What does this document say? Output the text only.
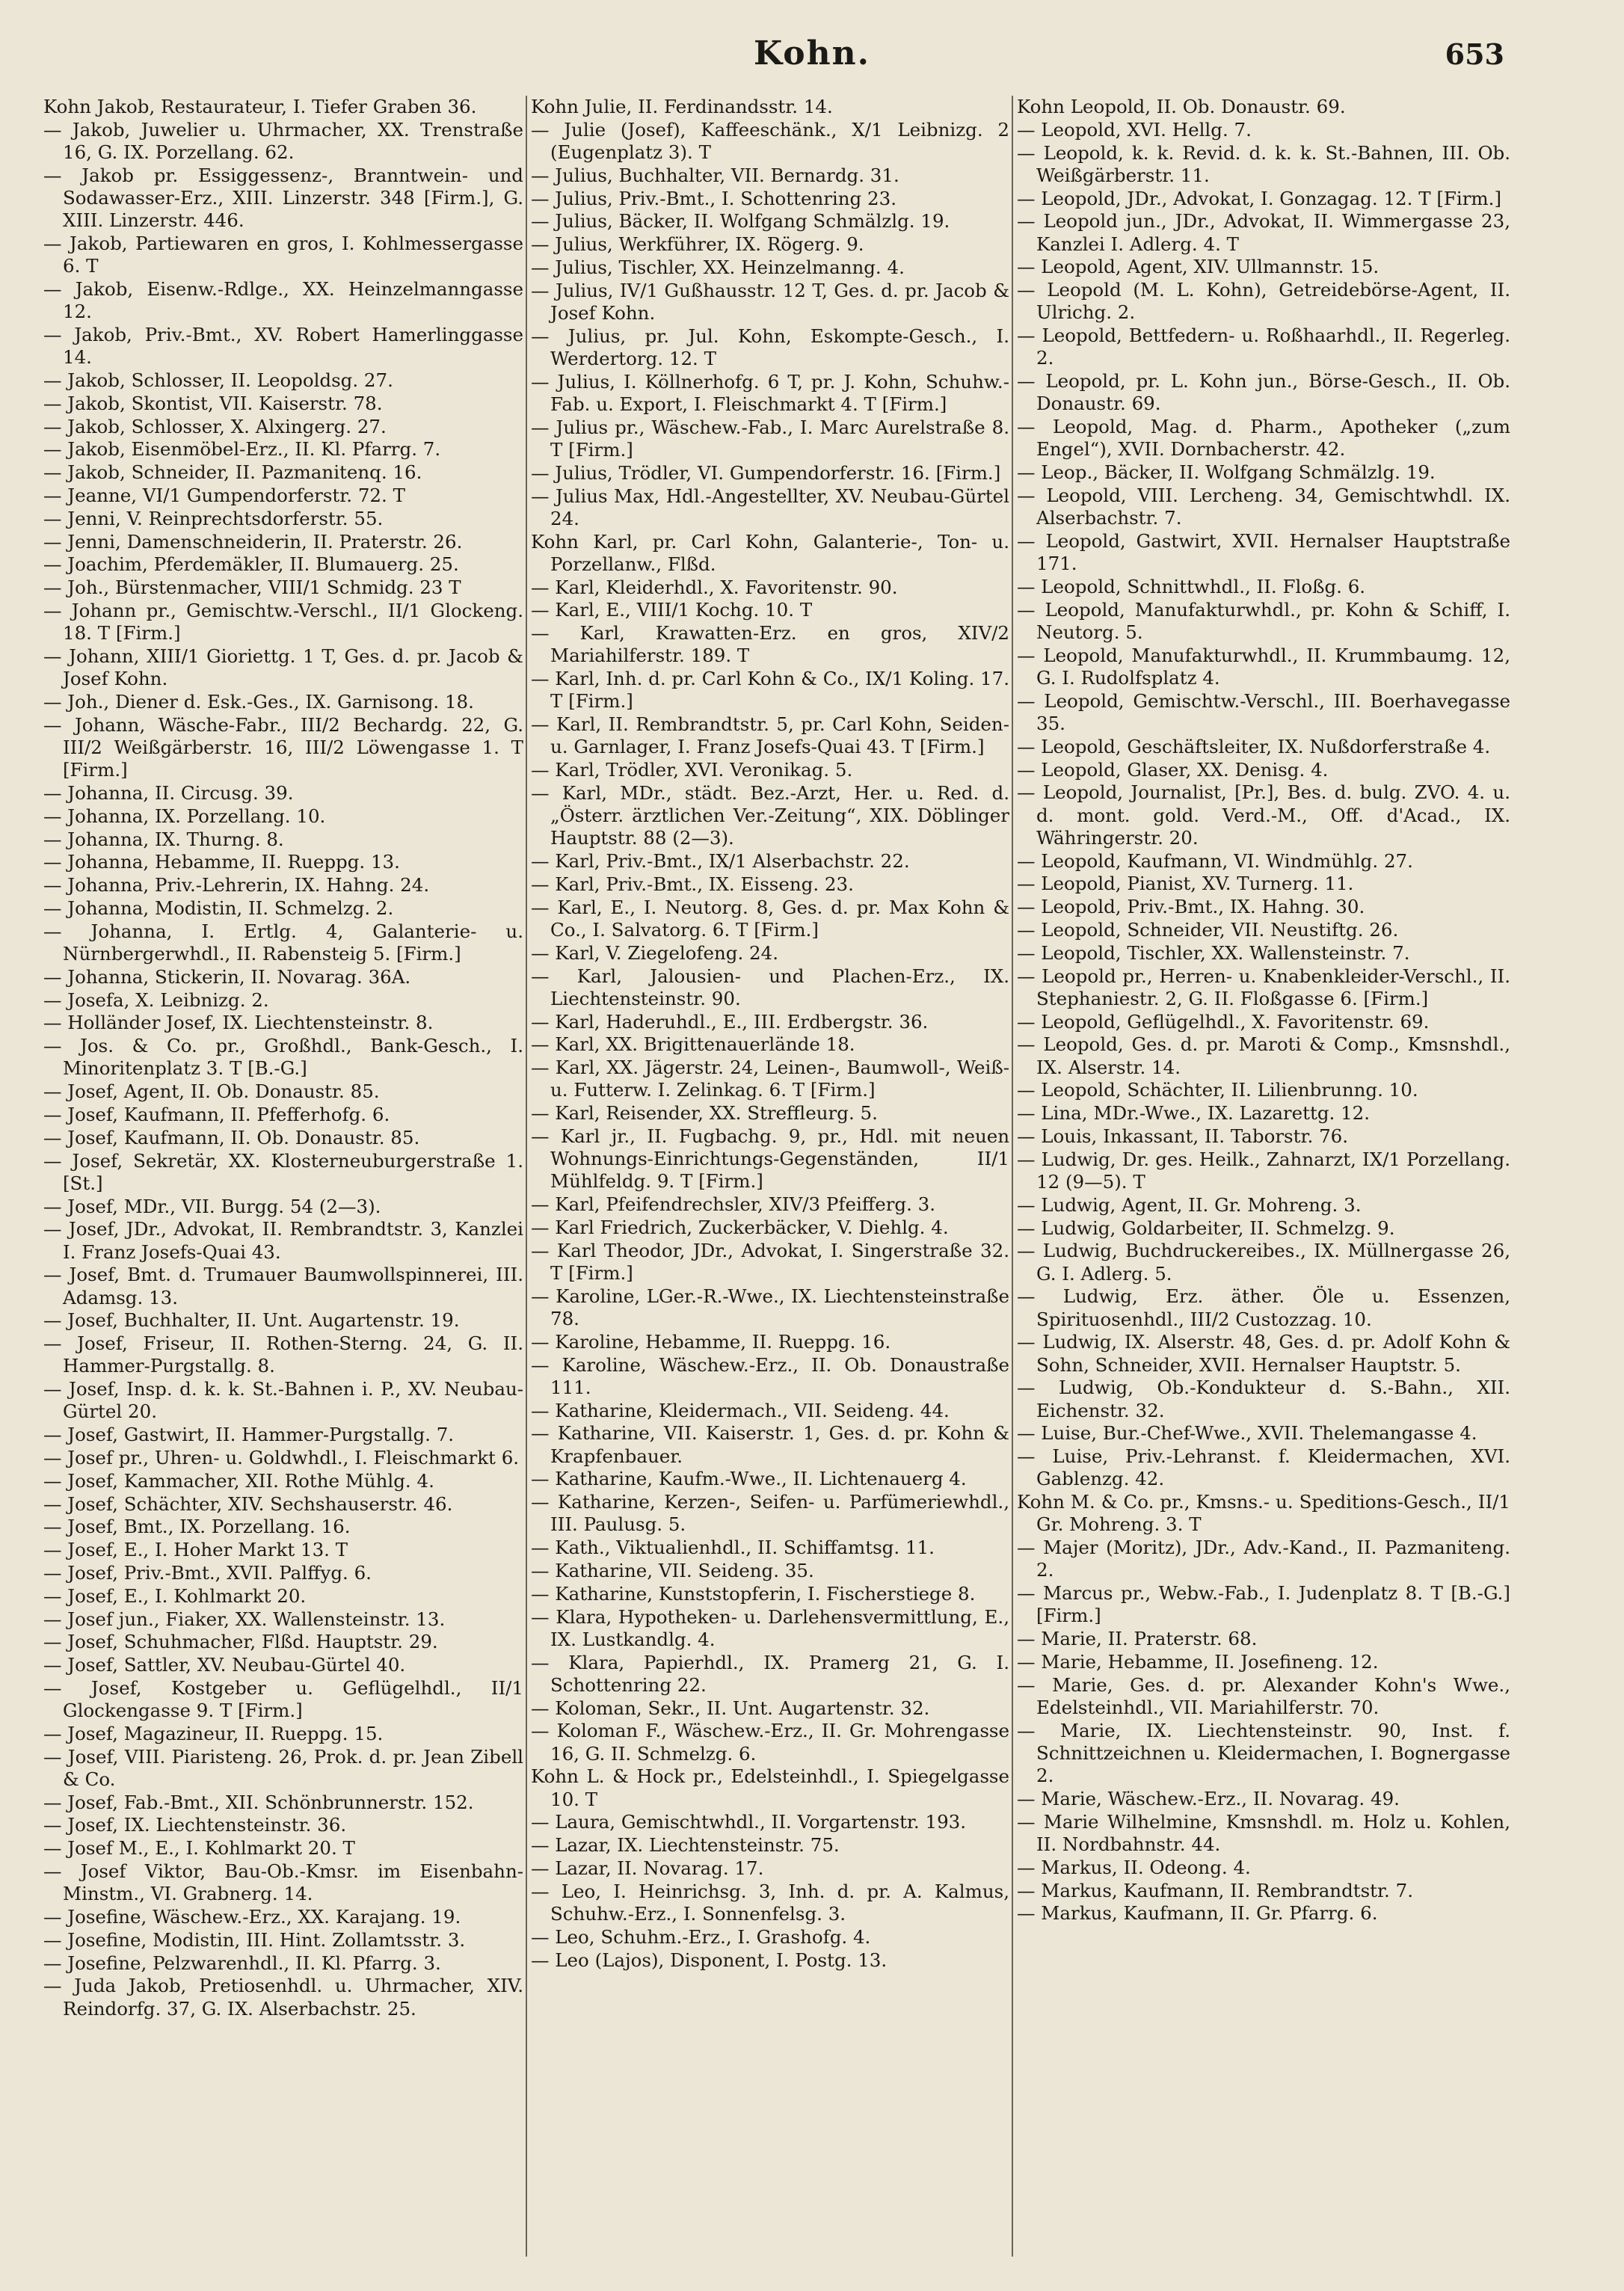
Kohn.	653

Kohn Jakob, Restaurateur, I. Tiefer Graben 36.

— Jakob, Juwelier u. Uhrmacher, XX. Trenstraße 16, G. IX. Porzellang. 62.

— Jakob pr. Essiggessenz-, Branntwein- und Sodawasser-Erz., XIII. Linzerstr. 348 [Firm.], G. XIII. Linzerstr. 446.

— Jakob, Partiewaren en gros, I. Kohlmessergasse 6. T

— Jakob, Eisenw.-Rdlge., XX. Heinzelmanngasse 12.

— Jakob, Priv.-Bmt., XV. Robert Hamerlinggasse 14.

— Jakob, Schlosser, II. Leopoldsg. 27.

— Jakob, Skontist, VII. Kaiserstr. 78.

— Jakob, Schlosser, X. Alxingerg. 27.

— Jakob, Eisenmöbel-Erz., II. Kl. Pfarrg. 7.

— Jakob, Schneider, II. Pazmanitenq. 16.

— Jeanne, VI/1 Gumpendorferstr. 72. T

— Jenni, V. Reinprechtsdorferstr. 55.

— Jenni, Damenschneiderin, II. Praterstr. 26.

— Joachim, Pferdemäkler, II. Blumauerg. 25.

— Joh., Bürstenmacher, VIII/1 Schmidg. 23 T

— Johann pr., Gemischtw.-Verschl., II/1 Glockeng. 18. T [Firm.]

— Johann, XIII/1 Gioriettg. 1 T, Ges. d. pr. Jacob & Josef Kohn.

— Joh., Diener d. Esk.-Ges., IX. Garnisong. 18.

— Johann, Wäsche-Fabr., III/2 Bechardg. 22, G. III/2 Weißgärberstr. 16, III/2 Löwengasse 1. T [Firm.]

— Johanna, II. Circusg. 39.

— Johanna, IX. Porzellang. 10.

— Johanna, IX. Thurng. 8.

— Johanna, Hebamme, II. Rueppg. 13.

— Johanna, Priv.-Lehrerin, IX. Hahng. 24.

— Johanna, Modistin, II. Schmelzg. 2.

— Johanna, I. Ertlg. 4, Galanterie- u. Nürnbergerwhdl., II. Rabensteig 5. [Firm.]

— Johanna, Stickerin, II. Novarag. 36A.

— Josefa, X. Leibnizg. 2.

— Holländer Josef, IX. Liechtensteinstr. 8.

— Jos. & Co. pr., Großhdl., Bank-Gesch., I. Minoritenplatz 3. T [B.-G.]

— Josef, Agent, II. Ob. Donaustr. 85.

— Josef, Kaufmann, II. Pfefferhofg. 6.

— Josef, Kaufmann, II. Ob. Donaustr. 85.

— Josef, Sekretär, XX. Klosterneuburgerstraße 1. [St.]

— Josef, MDr., VII. Burgg. 54 (2—3).

— Josef, JDr., Advokat, II. Rembrandtstr. 3, Kanzlei I. Franz Josefs-Quai 43.

— Josef, Bmt. d. Trumauer Baumwollspinnerei, III. Adamsg. 13.

— Josef, Buchhalter, II. Unt. Augartenstr. 19.

— Josef, Friseur, II. Rothen-Sterng. 24, G. II. Hammer-Purgstallg. 8.

— Josef, Insp. d. k. k. St.-Bahnen i. P., XV. Neubau-Gürtel 20.

— Josef, Gastwirt, II. Hammer-Purgstallg. 7.

— Josef pr., Uhren- u. Goldwhdl., I. Fleischmarkt 6.

— Josef, Kammacher, XII. Rothe Mühlg. 4.

— Josef, Schächter, XIV. Sechshauserstr. 46.

— Josef, Bmt., IX. Porzellang. 16.

— Josef, E., I. Hoher Markt 13. T

— Josef, Priv.-Bmt., XVII. Palffyg. 6.

— Josef, E., I. Kohlmarkt 20.

— Josef jun., Fiaker, XX. Wallensteinstr. 13.

— Josef, Schuhmacher, Flßd. Hauptstr. 29.

— Josef, Sattler, XV. Neubau-Gürtel 40.

— Josef, Kostgeber u. Geflügelhdl., II/1 Glockengasse 9. T [Firm.]

— Josef, Magazineur, II. Rueppg. 15.

— Josef, VIII. Piaristeng. 26, Prok. d. pr. Jean Zibell & Co.

— Josef, Fab.-Bmt., XII. Schönbrunnerstr. 152.

— Josef, IX. Liechtensteinstr. 36.

— Josef M., E., I. Kohlmarkt 20. T

— Josef Viktor, Bau-Ob.-Kmsr. im Eisenbahn-Minstm., VI. Grabnerg. 14.

— Josefine, Wäschew.-Erz., XX. Karajang. 19.

— Josefine, Modistin, III. Hint. Zollamtsstr. 3.

— Josefine, Pelzwarenhdl., II. Kl. Pfarrg. 3.

— Juda Jakob, Pretiosenhdl. u. Uhrmacher, XIV. Reindorfg. 37, G. IX. Alserbachstr. 25.

Kohn Julie, II. Ferdinandsstr. 14.

— Julie (Josef), Kaffeeschänk., X/1 Leibnizg. 2 (Eugenplatz 3). T

— Julius, Buchhalter, VII. Bernardg. 31.

— Julius, Priv.-Bmt., I. Schottenring 23.

— Julius, Bäcker, II. Wolfgang Schmälzlg. 19.

— Julius, Werkführer, IX. Rögerg. 9.

— Julius, Tischler, XX. Heinzelmanng. 4.

— Julius, IV/1 Gußhausstr. 12 T, Ges. d. pr. Jacob & Josef Kohn.

— Julius, pr. Jul. Kohn, Eskompte-Gesch., I. Werdertorg. 12. T

— Julius, I. Köllnerhofg. 6 T, pr. J. Kohn, Schuhw.-Fab. u. Export, I. Fleischmarkt 4. T [Firm.]

— Julius pr., Wäschew.-Fab., I. Marc Aurelstraße 8. T [Firm.]

— Julius, Trödler, VI. Gumpendorferstr. 16. [Firm.]

— Julius Max, Hdl.-Angestellter, XV. Neubau-Gürtel 24.

Kohn Karl, pr. Carl Kohn, Galanterie-, Ton- u. Porzellanw., Flßd.

— Karl, Kleiderhdl., X. Favoritenstr. 90.

— Karl, E., VIII/1 Kochg. 10. T

— Karl, Krawatten-Erz. en gros, XIV/2 Mariahilferstr. 189. T

— Karl, Inh. d. pr. Carl Kohn & Co., IX/1 Koling. 17. T [Firm.]

— Karl, II. Rembrandtstr. 5, pr. Carl Kohn, Seiden- u. Garnlager, I. Franz Josefs-Quai 43. T [Firm.]

— Karl, Trödler, XVI. Veronikag. 5.

— Karl, MDr., städt. Bez.-Arzt, Her. u. Red. d. „Österr. ärztlichen Ver.-Zeitung“, XIX. Döblinger Hauptstr. 88 (2—3).

— Karl, Priv.-Bmt., IX/1 Alserbachstr. 22.

— Karl, Priv.-Bmt., IX. Eisseng. 23.

— Karl, E., I. Neutorg. 8, Ges. d. pr. Max Kohn & Co., I. Salvatorg. 6. T [Firm.]

— Karl, V. Ziegelofeng. 24.

— Karl, Jalousien- und Plachen-Erz., IX. Liechtensteinstr. 90.

— Karl, Haderuhdl., E., III. Erdbergstr. 36.

— Karl, XX. Brigittenauerlände 18.

— Karl, XX. Jägerstr. 24, Leinen-, Baumwoll-, Weiß- u. Futterw. I. Zelinkag. 6. T [Firm.]

— Karl, Reisender, XX. Streffleurg. 5.

— Karl jr., II. Fugbachg. 9, pr., Hdl. mit neuen Wohnungs-Einrichtungs-Gegenständen, II/1 Mühlfeldg. 9. T [Firm.]

— Karl, Pfeifendrechsler, XIV/3 Pfeifferg. 3.

— Karl Friedrich, Zuckerbäcker, V. Diehlg. 4.

— Karl Theodor, JDr., Advokat, I. Singerstraße 32. T [Firm.]

— Karoline, LGer.-R.-Wwe., IX. Liechtensteinstraße 78.

— Karoline, Hebamme, II. Rueppg. 16.

— Karoline, Wäschew.-Erz., II. Ob. Donaustraße 111.

— Katharine, Kleidermach., VII. Seideng. 44.

— Katharine, VII. Kaiserstr. 1, Ges. d. pr. Kohn & Krapfenbauer.

— Katharine, Kaufm.-Wwe., II. Lichtenauerg 4.

— Katharine, Kerzen-, Seifen- u. Parfümeriewhdl., III. Paulusg. 5.

— Kath., Viktualienhdl., II. Schiffamtsg. 11.

— Katharine, VII. Seideng. 35.

— Katharine, Kunststopferin, I. Fischerstiege 8.

— Klara, Hypotheken- u. Darlehensvermittlung, E., IX. Lustkandlg. 4.

— Klara, Papierhdl., IX. Pramerg 21, G. I. Schottenring 22.

— Koloman, Sekr., II. Unt. Augartenstr. 32.

— Koloman F., Wäschew.-Erz., II. Gr. Mohrengasse 16, G. II. Schmelzg. 6.

Kohn L. & Hock pr., Edelsteinhdl., I. Spiegelgasse 10. T

— Laura, Gemischtwhdl., II. Vorgartenstr. 193.

— Lazar, IX. Liechtensteinstr. 75.

— Lazar, II. Novarag. 17.

— Leo, I. Heinrichsg. 3, Inh. d. pr. A. Kalmus, Schuhw.-Erz., I. Sonnenfelsg. 3.

— Leo, Schuhm.-Erz., I. Grashofg. 4.

— Leo (Lajos), Disponent, I. Postg. 13.

Kohn Leopold, II. Ob. Donaustr. 69.

— Leopold, XVI. Hellg. 7.

— Leopold, k. k. Revid. d. k. k. St.-Bahnen, III. Ob. Weißgärberstr. 11.

— Leopold, JDr., Advokat, I. Gonzagag. 12. T [Firm.]

— Leopold jun., JDr., Advokat, II. Wimmergasse 23, Kanzlei I. Adlerg. 4. T

— Leopold, Agent, XIV. Ullmannstr. 15.

— Leopold (M. L. Kohn), Getreidebörse-Agent, II. Ulrichg. 2.

— Leopold, Bettfedern- u. Roßhaarhdl., II. Regerleg. 2.

— Leopold, pr. L. Kohn jun., Börse-Gesch., II. Ob. Donaustr. 69.

— Leopold, Mag. d. Pharm., Apotheker („zum Engel“), XVII. Dornbacherstr. 42.

— Leop., Bäcker, II. Wolfgang Schmälzlg. 19.

— Leopold, VIII. Lercheng. 34, Gemischtwhdl. IX. Alserbachstr. 7.

— Leopold, Gastwirt, XVII. Hernalser Hauptstraße 171.

— Leopold, Schnittwhdl., II. Floßg. 6.

— Leopold, Manufakturwhdl., pr. Kohn & Schiff, I. Neutorg. 5.

— Leopold, Manufakturwhdl., II. Krummbaumg. 12, G. I. Rudolfsplatz 4.

— Leopold, Gemischtw.-Verschl., III. Boerhavegasse 35.

— Leopold, Geschäftsleiter, IX. Nußdorferstraße 4.

— Leopold, Glaser, XX. Denisg. 4.

— Leopold, Journalist, [Pr.], Bes. d. bulg. ZVO. 4. u. d. mont. gold. Verd.-M., Off. d'Acad., IX. Währingerstr. 20.

— Leopold, Kaufmann, VI. Windmühlg. 27.

— Leopold, Pianist, XV. Turnerg. 11.

— Leopold, Priv.-Bmt., IX. Hahng. 30.

— Leopold, Schneider, VII. Neustiftg. 26.

— Leopold, Tischler, XX. Wallensteinstr. 7.

— Leopold pr., Herren- u. Knabenkleider-Verschl., II. Stephaniestr. 2, G. II. Floßgasse 6. [Firm.]

— Leopold, Geflügelhdl., X. Favoritenstr. 69.

— Leopold, Ges. d. pr. Maroti & Comp., Kmsnshdl., IX. Alserstr. 14.

— Leopold, Schächter, II. Lilienbrunng. 10.

— Lina, MDr.-Wwe., IX. Lazarettg. 12.

— Louis, Inkassant, II. Taborstr. 76.

— Ludwig, Dr. ges. Heilk., Zahnarzt, IX/1 Porzellang. 12 (9—5). T

— Ludwig, Agent, II. Gr. Mohreng. 3.

— Ludwig, Goldarbeiter, II. Schmelzg. 9.

— Ludwig, Buchdruckereibes., IX. Müllnergasse 26, G. I. Adlerg. 5.

— Ludwig, Erz. äther. Öle u. Essenzen, Spirituosenhdl., III/2 Custozzag. 10.

— Ludwig, IX. Alserstr. 48, Ges. d. pr. Adolf Kohn & Sohn, Schneider, XVII. Hernalser Hauptstr. 5.

— Ludwig, Ob.-Kondukteur d. S.-Bahn., XII. Eichenstr. 32.

— Luise, Bur.-Chef-Wwe., XVII. Thelemangasse 4.

— Luise, Priv.-Lehranst. f. Kleidermachen, XVI. Gablenzg. 42.

Kohn M. & Co. pr., Kmsns.- u. Speditions-Gesch., II/1 Gr. Mohreng. 3. T

— Majer (Moritz), JDr., Adv.-Kand., II. Pazmaniteng. 2.

— Marcus pr., Webw.-Fab., I. Judenplatz 8. T [B.-G.] [Firm.]

— Marie, II. Praterstr. 68.

— Marie, Hebamme, II. Josefineng. 12.

— Marie, Ges. d. pr. Alexander Kohn's Wwe., Edelsteinhdl., VII. Mariahilferstr. 70.

— Marie, IX. Liechtensteinstr. 90, Inst. f. Schnittzeichnen u. Kleidermachen, I. Bognergasse 2.

— Marie, Wäschew.-Erz., II. Novarag. 49.

— Marie Wilhelmine, Kmsnshdl. m. Holz u. Kohlen, II. Nordbahnstr. 44.

— Markus, II. Odeong. 4.

— Markus, Kaufmann, II. Rembrandtstr. 7.

— Markus, Kaufmann, II. Gr. Pfarrg. 6.
